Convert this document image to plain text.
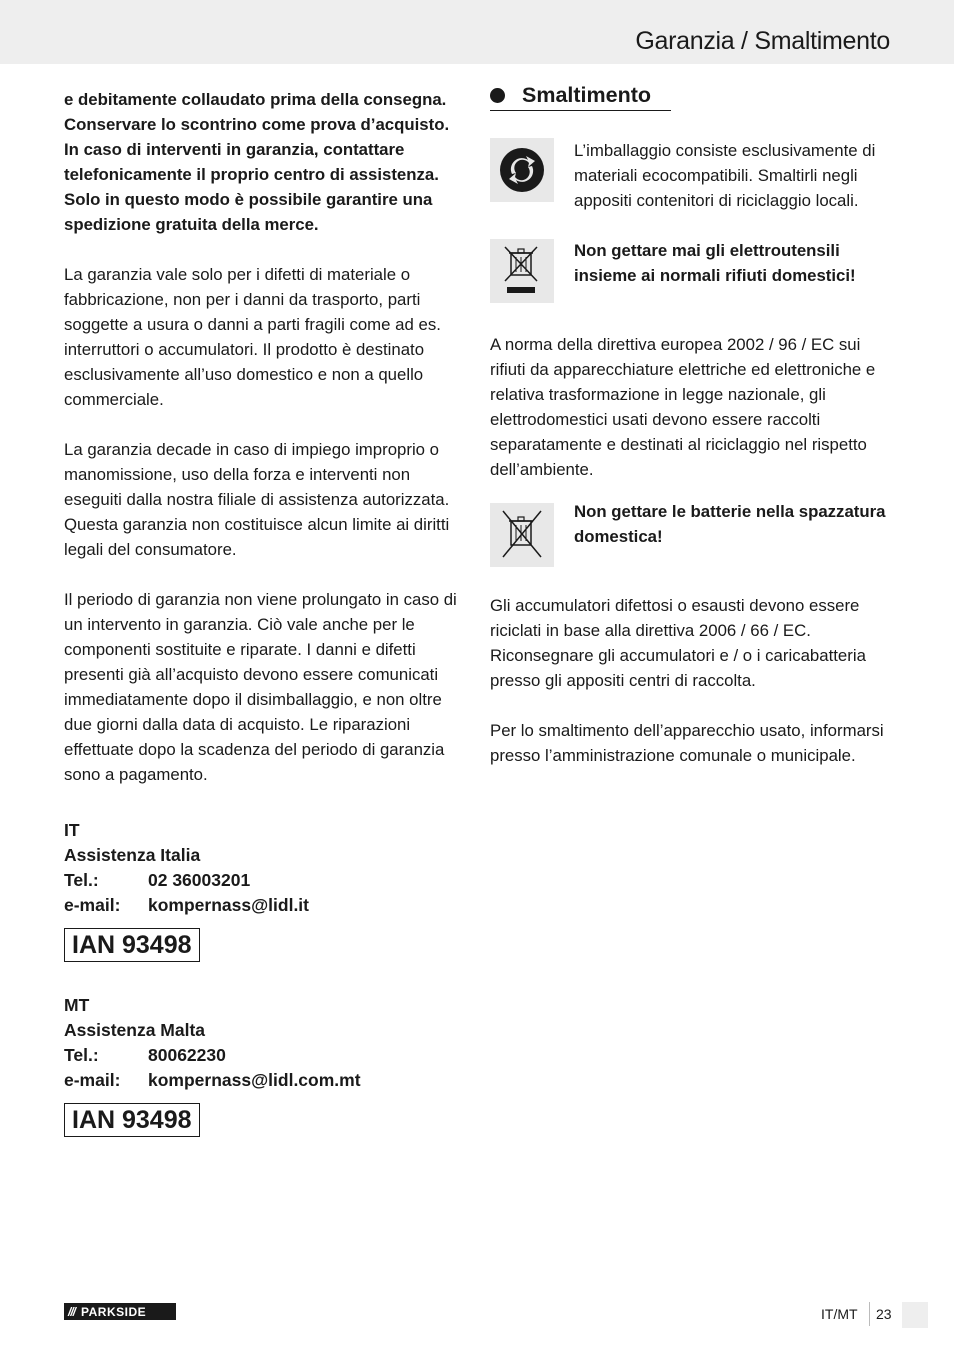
Garanzia / Smaltimento

e debitamente collaudato prima della consegna. Conservare lo scontrino come prova d’acquisto. In caso di interventi in garanzia, contattare telefonicamente il proprio centro di assistenza. Solo in questo modo è possibile garantire una spedizione gratuita della merce.

La garanzia vale solo per i difetti di materiale o fabbricazione, non per i danni da trasporto, parti soggette a usura o danni a parti fragili come ad es. interruttori o accumulatori. Il prodotto è destinato esclusivamente all’uso domestico e non a quello commerciale.

La garanzia decade in caso di impiego improprio o manomissione, uso della forza e interventi non eseguiti dalla nostra filiale di assistenza autorizzata. Questa garanzia non costituisce alcun limite ai diritti legali del consumatore.

Il periodo di garanzia non viene prolungato in caso di un intervento in garanzia. Ciò vale anche per le componenti sostituite e riparate. I danni e difetti presenti già all’acquisto devono essere comunicati immediatamente dopo il disimballaggio, e non oltre due giorni dalla data di acquisto. Le riparazioni effettuate dopo la scadenza del periodo di garanzia sono a pagamento.

IT
Assistenza Italia
Tel.:	02 36003201
e-mail:	kompernass@lidl.it
IAN 93498
MT
Assistenza Malta
Tel.:	80062230
e-mail:	kompernass@lidl.com.mt
IAN 93498
Smaltimento

L’imballaggio consiste esclusivamente di materiali ecocompatibili. Smaltirli negli appositi contenitori di riciclaggio locali.

Non gettare mai gli elettroutensili insieme ai normali rifiuti domestici!

A norma della direttiva europea 2002 / 96 / EC sui rifiuti da apparecchiature elettriche ed elettroniche e relativa trasformazione in legge nazionale, gli elettrodomestici usati devono essere raccolti separatamente e destinati al riciclaggio nel rispetto dell’ambiente.

Non gettare le batterie nella spazzatura domestica!

Gli accumulatori difettosi o esausti devono essere riciclati in base alla direttiva 2006 / 66 / EC. Riconsegnare gli accumulatori e / o i caricabatteria presso gli appositi centri di raccolta.

Per lo smaltimento dell’apparecchio usato, informarsi presso l’amministrazione comunale o municipale.

/// PARKSIDE	IT/MT 23
